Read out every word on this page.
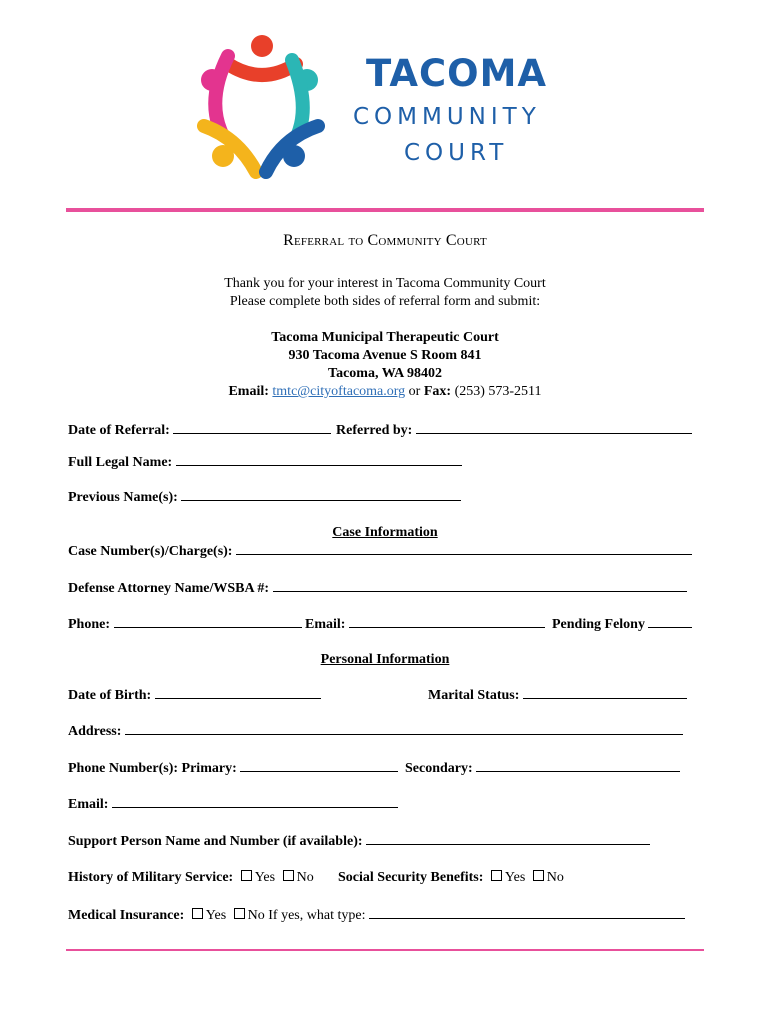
TACOMA
COMMUNITY
COURT
Referral to Community Court
Thank you for your interest in Tacoma Community Court
Please complete both sides of referral form and submit:
Tacoma Municipal Therapeutic Court
930 Tacoma Avenue S Room 841
Tacoma, WA 98402
Email: tmtc@cityoftacoma.org or Fax: (253) 573-2511
Date of Referral:	Referred by:
Full Legal Name:
Previous Name(s):
Case Information
Case Number(s)/Charge(s):
Defense Attorney Name/WSBA #:
Phone:	Email:	Pending Felony
Personal Information
Date of Birth:	Marital Status:
Address:
Phone Number(s): Primary:	Secondary:
Email:
Support Person Name and Number (if available):
History of Military Service: Yes No Social Security Benefits: Yes No
Medical Insurance: Yes No If yes, what type:
